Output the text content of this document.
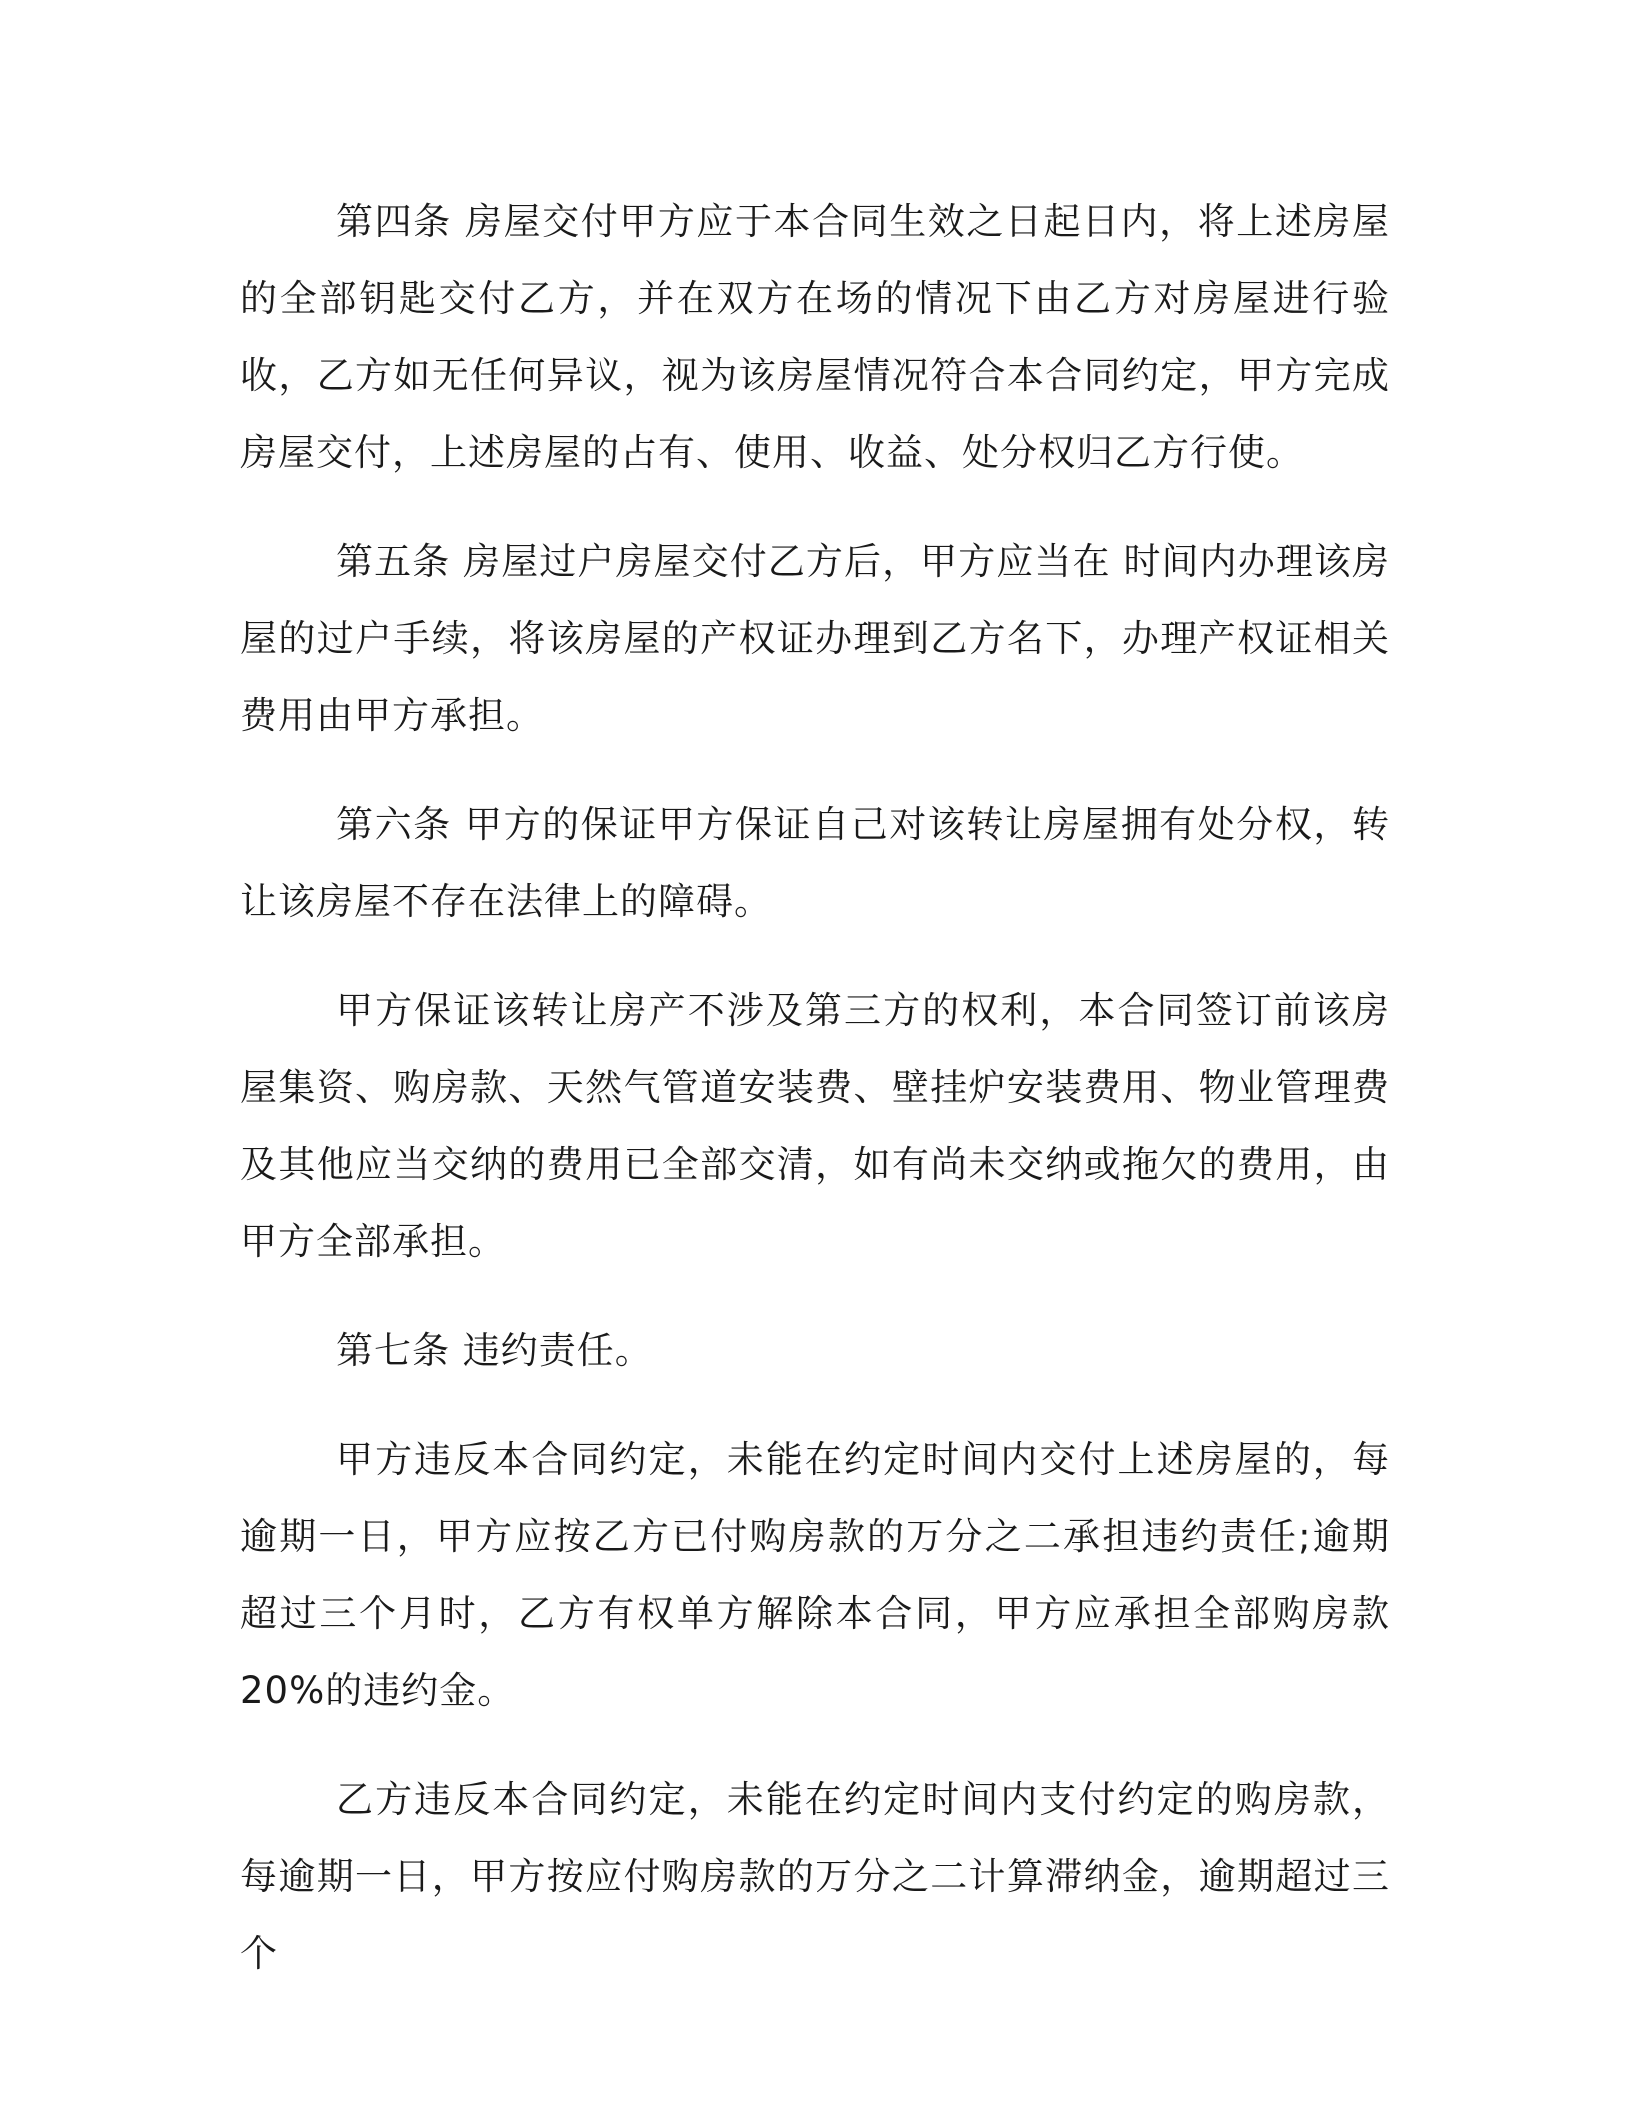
第四条 房屋交付甲方应于本合同生效之日起日内，将上述房屋的全部钥匙交付乙方，并在双方在场的情况下由乙方对房屋进行验收，乙方如无任何异议，视为该房屋情况符合本合同约定，甲方完成房屋交付，上述房屋的占有、使用、收益、处分权归乙方行使。

第五条 房屋过户房屋交付乙方后，甲方应当在 时间内办理该房屋的过户手续，将该房屋的产权证办理到乙方名下，办理产权证相关费用由甲方承担。

第六条 甲方的保证甲方保证自己对该转让房屋拥有处分权，转让该房屋不存在法律上的障碍。

甲方保证该转让房产不涉及第三方的权利，本合同签订前该房屋集资、购房款、天然气管道安装费、壁挂炉安装费用、物业管理费及其他应当交纳的费用已全部交清，如有尚未交纳或拖欠的费用，由甲方全部承担。

第七条 违约责任。

甲方违反本合同约定，未能在约定时间内交付上述房屋的，每逾期一日，甲方应按乙方已付购房款的万分之二承担违约责任;逾期超过三个月时，乙方有权单方解除本合同，甲方应承担全部购房款 20%的违约金。

乙方违反本合同约定，未能在约定时间内支付约定的购房款，每逾期一日，甲方按应付购房款的万分之二计算滞纳金，逾期超过三个
